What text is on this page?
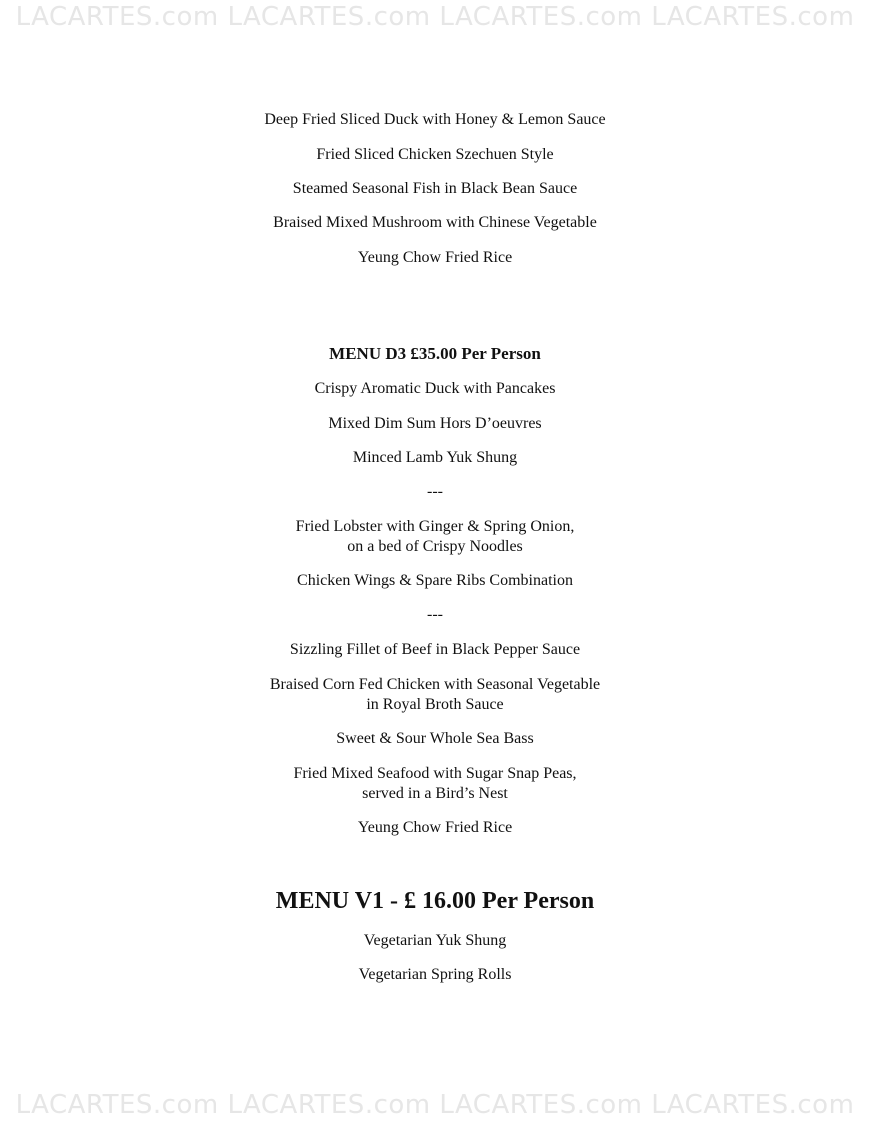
LACARTES.com LACARTES.com LACARTES.com LACARTES.com
Deep Fried Sliced Duck with Honey & Lemon Sauce
Fried Sliced Chicken Szechuen Style
Steamed Seasonal Fish in Black Bean Sauce
Braised Mixed Mushroom with Chinese Vegetable
Yeung Chow Fried Rice
MENU D3 £35.00 Per Person
Crispy Aromatic Duck with Pancakes
Mixed Dim Sum Hors D’oeuvres
Minced Lamb Yuk Shung
---
Fried Lobster with Ginger & Spring Onion,
on a bed of Crispy Noodles
Chicken Wings & Spare Ribs Combination
---
Sizzling Fillet of Beef in Black Pepper Sauce
Braised Corn Fed Chicken with Seasonal Vegetable
in Royal Broth Sauce
Sweet & Sour Whole Sea Bass
Fried Mixed Seafood with Sugar Snap Peas,
served in a Bird’s Nest
Yeung Chow Fried Rice
MENU V1 - £ 16.00 Per Person
Vegetarian Yuk Shung
Vegetarian Spring Rolls
LACARTES.com LACARTES.com LACARTES.com LACARTES.com
